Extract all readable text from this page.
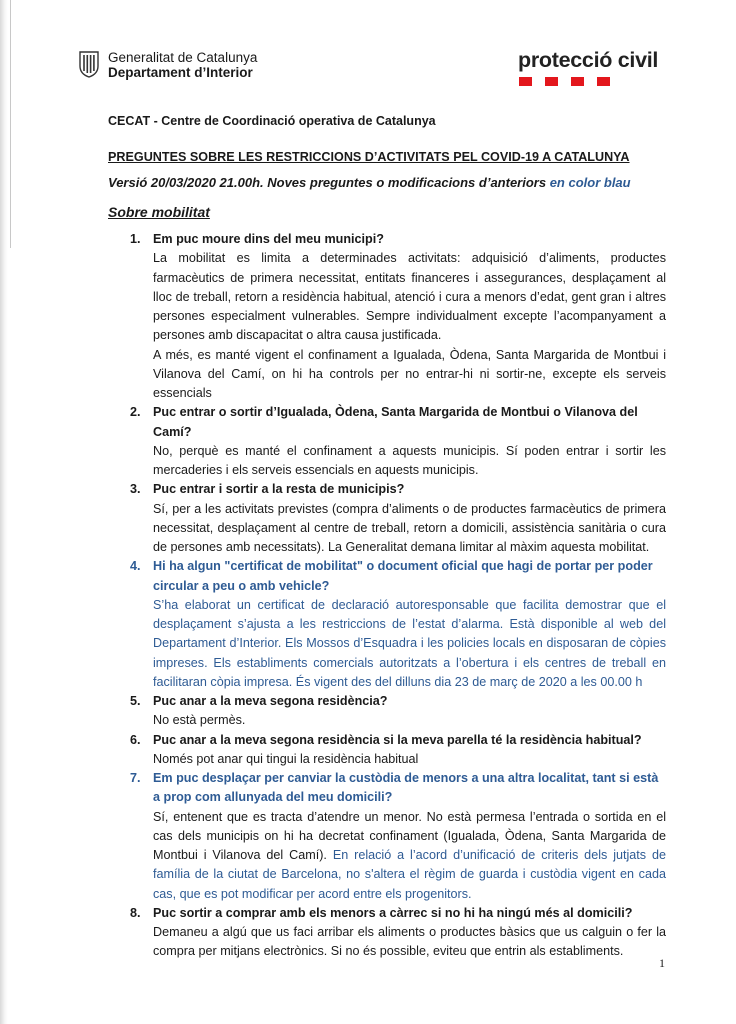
Generalitat de Catalunya
Departament d’Interior
protecció civil
CECAT - Centre de Coordinació operativa de Catalunya
PREGUNTES SOBRE LES RESTRICCIONS D’ACTIVITATS PEL COVID-19 A CATALUNYA
Versió 20/03/2020 21.00h. Noves preguntes o modificacions d’anteriors en color blau
Sobre mobilitat
1. Em puc moure dins del meu municipi?
La mobilitat es limita a determinades activitats: adquisició d’aliments, productes farmacèutics de primera necessitat, entitats financeres i assegurances, desplaçament al lloc de treball, retorn a residència habitual, atenció i cura a menors d’edat, gent gran i altres persones especialment vulnerables. Sempre individualment excepte l’acompanyament a persones amb discapacitat o altra causa justificada.
A més, es manté vigent el confinament a Igualada, Òdena, Santa Margarida de Montbui i Vilanova del Camí, on hi ha controls per no entrar-hi ni sortir-ne, excepte els serveis essencials
2. Puc entrar o sortir d’Igualada, Òdena, Santa Margarida de Montbui o Vilanova del Camí?
No, perquè es manté el confinament a aquests municipis. Sí poden entrar i sortir les mercaderies i els serveis essencials en aquests municipis.
3. Puc entrar i sortir a la resta de municipis?
Sí, per a les activitats previstes (compra d’aliments o de productes farmacèutics de primera necessitat, desplaçament al centre de treball, retorn a domicili, assistència sanitària o cura de persones amb necessitats). La Generalitat demana limitar al màxim aquesta mobilitat.
4. Hi ha algun "certificat de mobilitat" o document oficial que hagi de portar per poder circular a peu o amb vehicle?
S’ha elaborat un certificat de declaració autoresponsable que facilita demostrar que el desplaçament s’ajusta a les restriccions de l’estat d’alarma. Està disponible al web del Departament d’Interior. Els Mossos d’Esquadra i les policies locals en disposaran de còpies impreses. Els establiments comercials autoritzats a l’obertura i els centres de treball en facilitaran còpia impresa. És vigent des del dilluns dia 23 de març de 2020 a les 00.00 h
5. Puc anar a la meva segona residència?
No està permès.
6. Puc anar a la meva segona residència si la meva parella té la residència habitual?
Només pot anar qui tingui la residència habitual
7. Em puc desplaçar per canviar la custòdia de menors a una altra localitat, tant si està a prop com allunyada del meu domicili?
Sí, entenent que es tracta d’atendre un menor. No està permesa l’entrada o sortida en el cas dels municipis on hi ha decretat confinament (Igualada, Òdena, Santa Margarida de Montbui i Vilanova del Camí). En relació a l’acord d’unificació de criteris dels jutjats de família de la ciutat de Barcelona, no s'altera el règim de guarda i custòdia vigent en cada cas, que es pot modificar per acord entre els progenitors.
8. Puc sortir a comprar amb els menors a càrrec si no hi ha ningú més al domicili?
Demaneu a algú que us faci arribar els aliments o productes bàsics que us calguin o fer la compra per mitjans electrònics. Si no és possible, eviteu que entrin als establiments.
1
